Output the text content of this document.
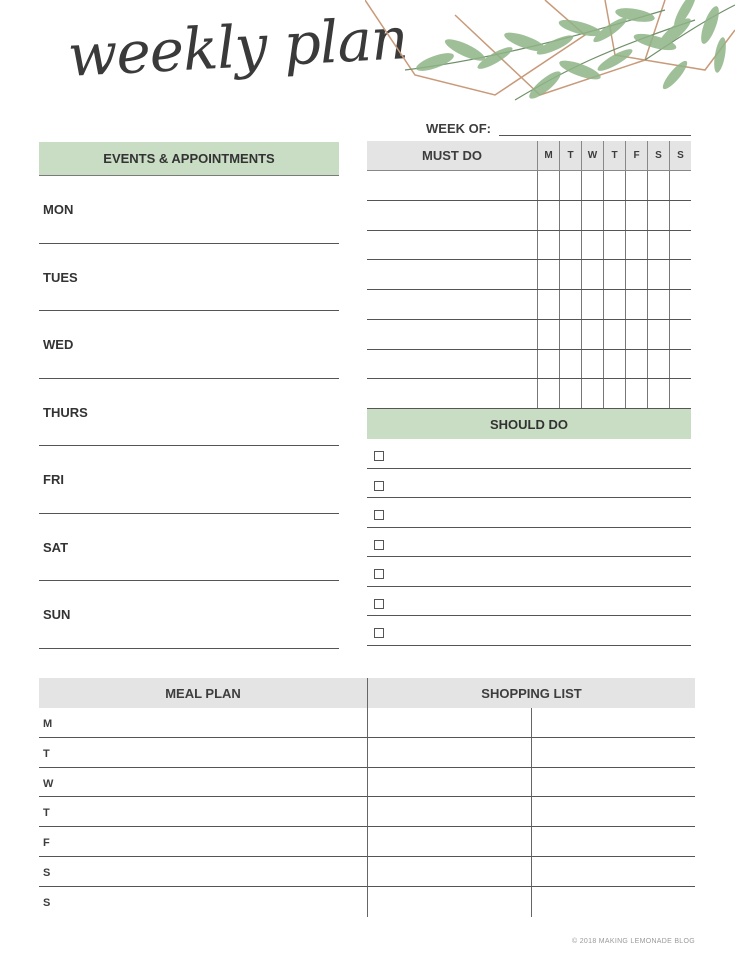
weekly plan
WEEK OF:
EVENTS & APPOINTMENTS
MON
TUES
WED
THURS
FRI
SAT
SUN
MUST DO	M	T	W	T	F	S	S
SHOULD DO
MEAL PLAN	SHOPPING LIST
M
T
W
T
F
S
S
© 2018 MAKING LEMONADE BLOG
